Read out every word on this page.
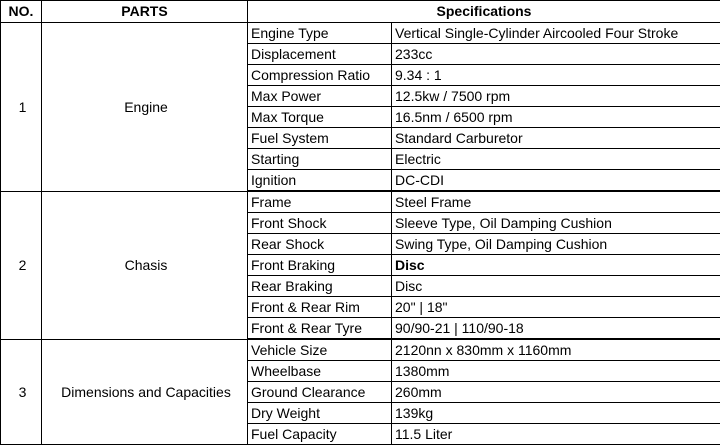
NO.	PARTS	Specifications	
1	Engine	Engine Type	Vertical Single-Cylinder Aircooled Four Stroke
		Displacement	233cc
		Compression Ratio	9.34 : 1
		Max Power	12.5kw / 7500 rpm
		Max Torque	16.5nm / 6500 rpm
		Fuel System	Standard Carburetor
		Starting	Electric
		Ignition	DC-CDI
2	Chasis	Frame	Steel Frame
		Front Shock	Sleeve Type, Oil Damping Cushion
		Rear Shock	Swing Type, Oil Damping Cushion
		Front Braking	Disc
		Rear Braking	Disc
		Front & Rear Rim	20" | 18"
		Front & Rear Tyre	90/90-21 | 110/90-18
3	Dimensions and Capacities	Vehicle Size	2120nn x 830mm x 1160mm
		Wheelbase	1380mm
		Ground Clearance	260mm
		Dry Weight	139kg
		Fuel Capacity	11.5 Liter
